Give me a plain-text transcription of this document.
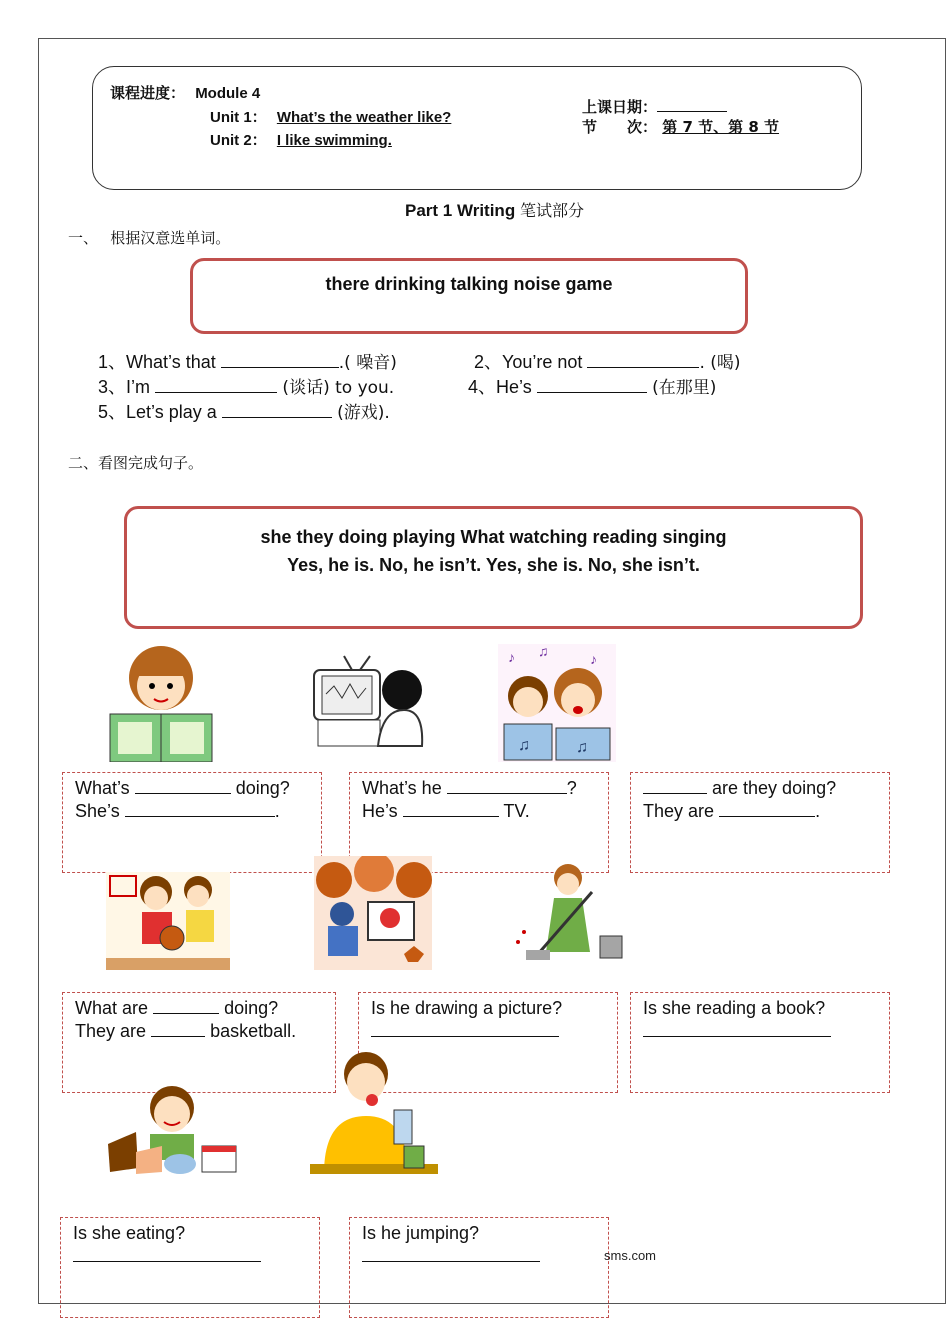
课程进度： Module 4
Unit 1： What’s the weather like?
Unit 2： I like swimming.
上课日期：
节　　次： 第 7 节、第 8 节
Part 1 Writing 笔试部分
一、　 根据汉意选单词。
there drinking talking noise game
1、What’s that	.( 噪音)	2、You’re not	. (喝)
3、I’m	(谈话) to you.	4、He’s	(在那里)
5、Let’s play a	(游戏).
二、看图完成句子。
she they doing playing What watching reading singing
Yes, he is. No, he isn’t. Yes, she is. No, she isn’t.
♪ ♫	♪
♫	♫
What’s	doing?
She’s	.
What’s he	?
He’s	TV.
are they doing?
They are	.
What are	doing?
They are	basketball.
Is he drawing a picture?	Is she reading a book?
Is she eating?	Is he jumping?
sms.com
